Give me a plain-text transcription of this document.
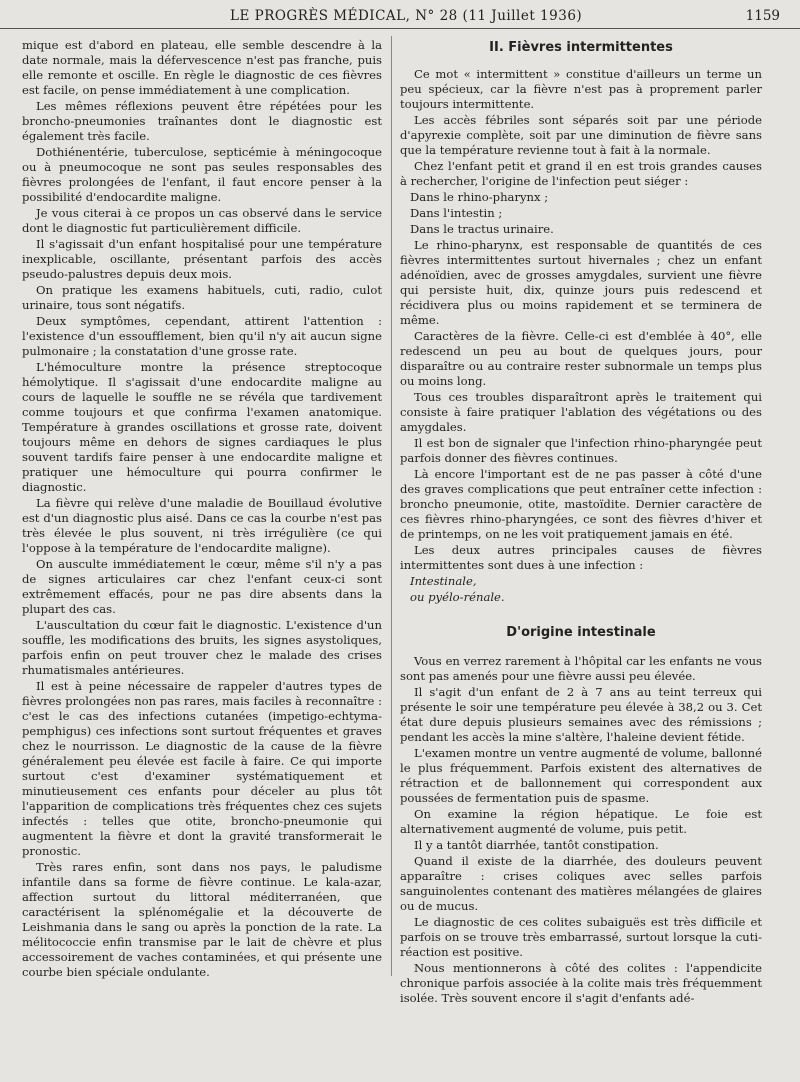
LE PROGRÈS MÉDICAL, N° 28 (11 Juillet 1936)	1159

mique est d'abord en plateau, elle semble descendre à la date normale, mais la défervescence n'est pas franche, puis elle remonte et oscille. En règle le diagnostic de ces fièvres est facile, on pense immédiatement à une complication.

Les mêmes réflexions peuvent être répétées pour les broncho-pneumonies traînantes dont le diagnostic est également très facile.

Dothiénentérie, tuberculose, septicémie à méningocoque ou à pneumocoque ne sont pas seules responsables des fièvres prolongées de l'enfant, il faut encore penser à la possibilité d'endocardite maligne.

Je vous citerai à ce propos un cas observé dans le service dont le diagnostic fut particulièrement difficile.

Il s'agissait d'un enfant hospitalisé pour une température inexplicable, oscillante, présentant parfois des accès pseudo-palustres depuis deux mois.

On pratique les examens habituels, cuti, radio, culot urinaire, tous sont négatifs.

Deux symptômes, cependant, attirent l'attention : l'existence d'un essoufflement, bien qu'il n'y ait aucun signe pulmonaire ; la constatation d'une grosse rate.

L'hémoculture montre la présence streptocoque hémolytique. Il s'agissait d'une endocardite maligne au cours de laquelle le souffle ne se révéla que tardivement comme toujours et que confirma l'examen anatomique. Température à grandes oscillations et grosse rate, doivent toujours même en dehors de signes cardiaques le plus souvent tardifs faire penser à une endocardite maligne et pratiquer une hémoculture qui pourra confirmer le diagnostic.

La fièvre qui relève d'une maladie de Bouillaud évolutive est d'un diagnostic plus aisé. Dans ce cas la courbe n'est pas très élevée le plus souvent, ni très irrégulière (ce qui l'oppose à la température de l'endocardite maligne).

On ausculte immédiatement le cœur, même s'il n'y a pas de signes articulaires car chez l'enfant ceux-ci sont extrêmement effacés, pour ne pas dire absents dans la plupart des cas.

L'auscultation du cœur fait le diagnostic. L'existence d'un souffle, les modifications des bruits, les signes asystoliques, parfois enfin on peut trouver chez le malade des crises rhumatismales antérieures.

Il est à peine nécessaire de rappeler d'autres types de fièvres prolongées non pas rares, mais faciles à reconnaître : c'est le cas des infections cutanées (impetigo-echtyma-pemphigus) ces infections sont surtout fréquentes et graves chez le nourrisson. Le diagnostic de la cause de la fièvre généralement peu élevée est facile à faire. Ce qui importe surtout c'est d'examiner systématiquement et minutieusement ces enfants pour déceler au plus tôt l'apparition de complications très fréquentes chez ces sujets infectés : telles que otite, broncho-pneumonie qui augmentent la fièvre et dont la gravité transformerait le pronostic.

Très rares enfin, sont dans nos pays, le paludisme infantile dans sa forme de fièvre continue. Le kala-azar, affection surtout du littoral méditerranéen, que caractérisent la splénomégalie et la découverte de Leishmania dans le sang ou après la ponction de la rate. La mélitococcie enfin transmise par le lait de chèvre et plus accessoirement de vaches contaminées, et qui présente une courbe bien spéciale ondulante.

II. Fièvres intermittentes

Ce mot « intermittent » constitue d'ailleurs un terme un peu spécieux, car la fièvre n'est pas à proprement parler toujours intermittente.

Les accès fébriles sont séparés soit par une période d'apyrexie complète, soit par une diminution de fièvre sans que la température revienne tout à fait à la normale.

Chez l'enfant petit et grand il en est trois grandes causes à rechercher, l'origine de l'infection peut siéger :

Dans le rhino-pharynx ;

Dans l'intestin ;

Dans le tractus urinaire.

Le rhino-pharynx, est responsable de quantités de ces fièvres intermittentes surtout hivernales ; chez un enfant adénoïdien, avec de grosses amygdales, survient une fièvre qui persiste huit, dix, quinze jours puis redescend et récidivera plus ou moins rapidement et se terminera de même.

Caractères de la fièvre. Celle-ci est d'emblée à 40°, elle redescend un peu au bout de quelques jours, pour disparaître ou au contraire rester subnormale un temps plus ou moins long.

Tous ces troubles disparaîtront après le traitement qui consiste à faire pratiquer l'ablation des végétations ou des amygdales.

Il est bon de signaler que l'infection rhino-pharyngée peut parfois donner des fièvres continues.

Là encore l'important est de ne pas passer à côté d'une des graves complications que peut entraîner cette infection : broncho pneumonie, otite, mastoïdite. Dernier caractère de ces fièvres rhino-pharyngées, ce sont des fièvres d'hiver et de printemps, on ne les voit pratiquement jamais en été.

Les deux autres principales causes de fièvres intermittentes sont dues à une infection :

Intestinale,

ou pyélo-rénale.

D'origine intestinale

Vous en verrez rarement à l'hôpital car les enfants ne vous sont pas amenés pour une fièvre aussi peu élevée.

Il s'agit d'un enfant de 2 à 7 ans au teint terreux qui présente le soir une température peu élevée à 38,2 ou 3. Cet état dure depuis plusieurs semaines avec des rémissions ; pendant les accès la mine s'altère, l'haleine devient fétide.

L'examen montre un ventre augmenté de volume, ballonné le plus fréquemment. Parfois existent des alternatives de rétraction et de ballonnement qui correspondent aux poussées de fermentation puis de spasme.

On examine la région hépatique. Le foie est alternativement augmenté de volume, puis petit.

Il y a tantôt diarrhée, tantôt constipation.

Quand il existe de la diarrhée, des douleurs peuvent apparaître : crises coliques avec selles parfois sanguinolentes contenant des matières mélangées de glaires ou de mucus.

Le diagnostic de ces colites subaiguës est très difficile et parfois on se trouve très embarrassé, surtout lorsque la cuti-réaction est positive.

Nous mentionnerons à côté des colites : l'appendicite chronique parfois associée à la colite mais très fréquemment isolée. Très souvent encore il s'agit d'enfants adé-
